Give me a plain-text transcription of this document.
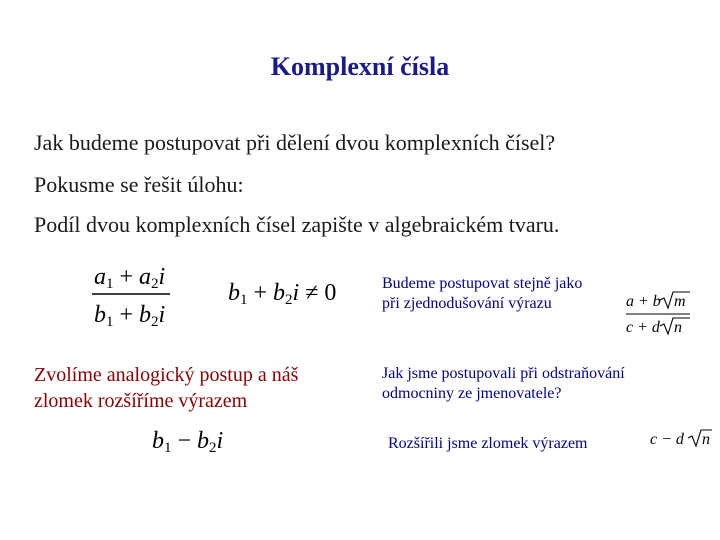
Komplexní čísla
Jak budeme postupovat při dělení dvou komplexních čísel?
Pokusme se řešit úlohu:
Podíl dvou komplexních čísel zapište v algebraickém tvaru.
a1 + a2i
b1 + b2i
b1 + b2i ≠ 0	Budeme postupovat stejně jako
při zjednodušování výrazu	a + b m
c + d n
Zvolíme analogický postup a náš
zlomek rozšíříme výrazem
b1 − b2i
Jak jsme postupovali při odstraňování
odmocniny ze jmenovatele?
Rozšířili jsme zlomek výrazem	c − d n
